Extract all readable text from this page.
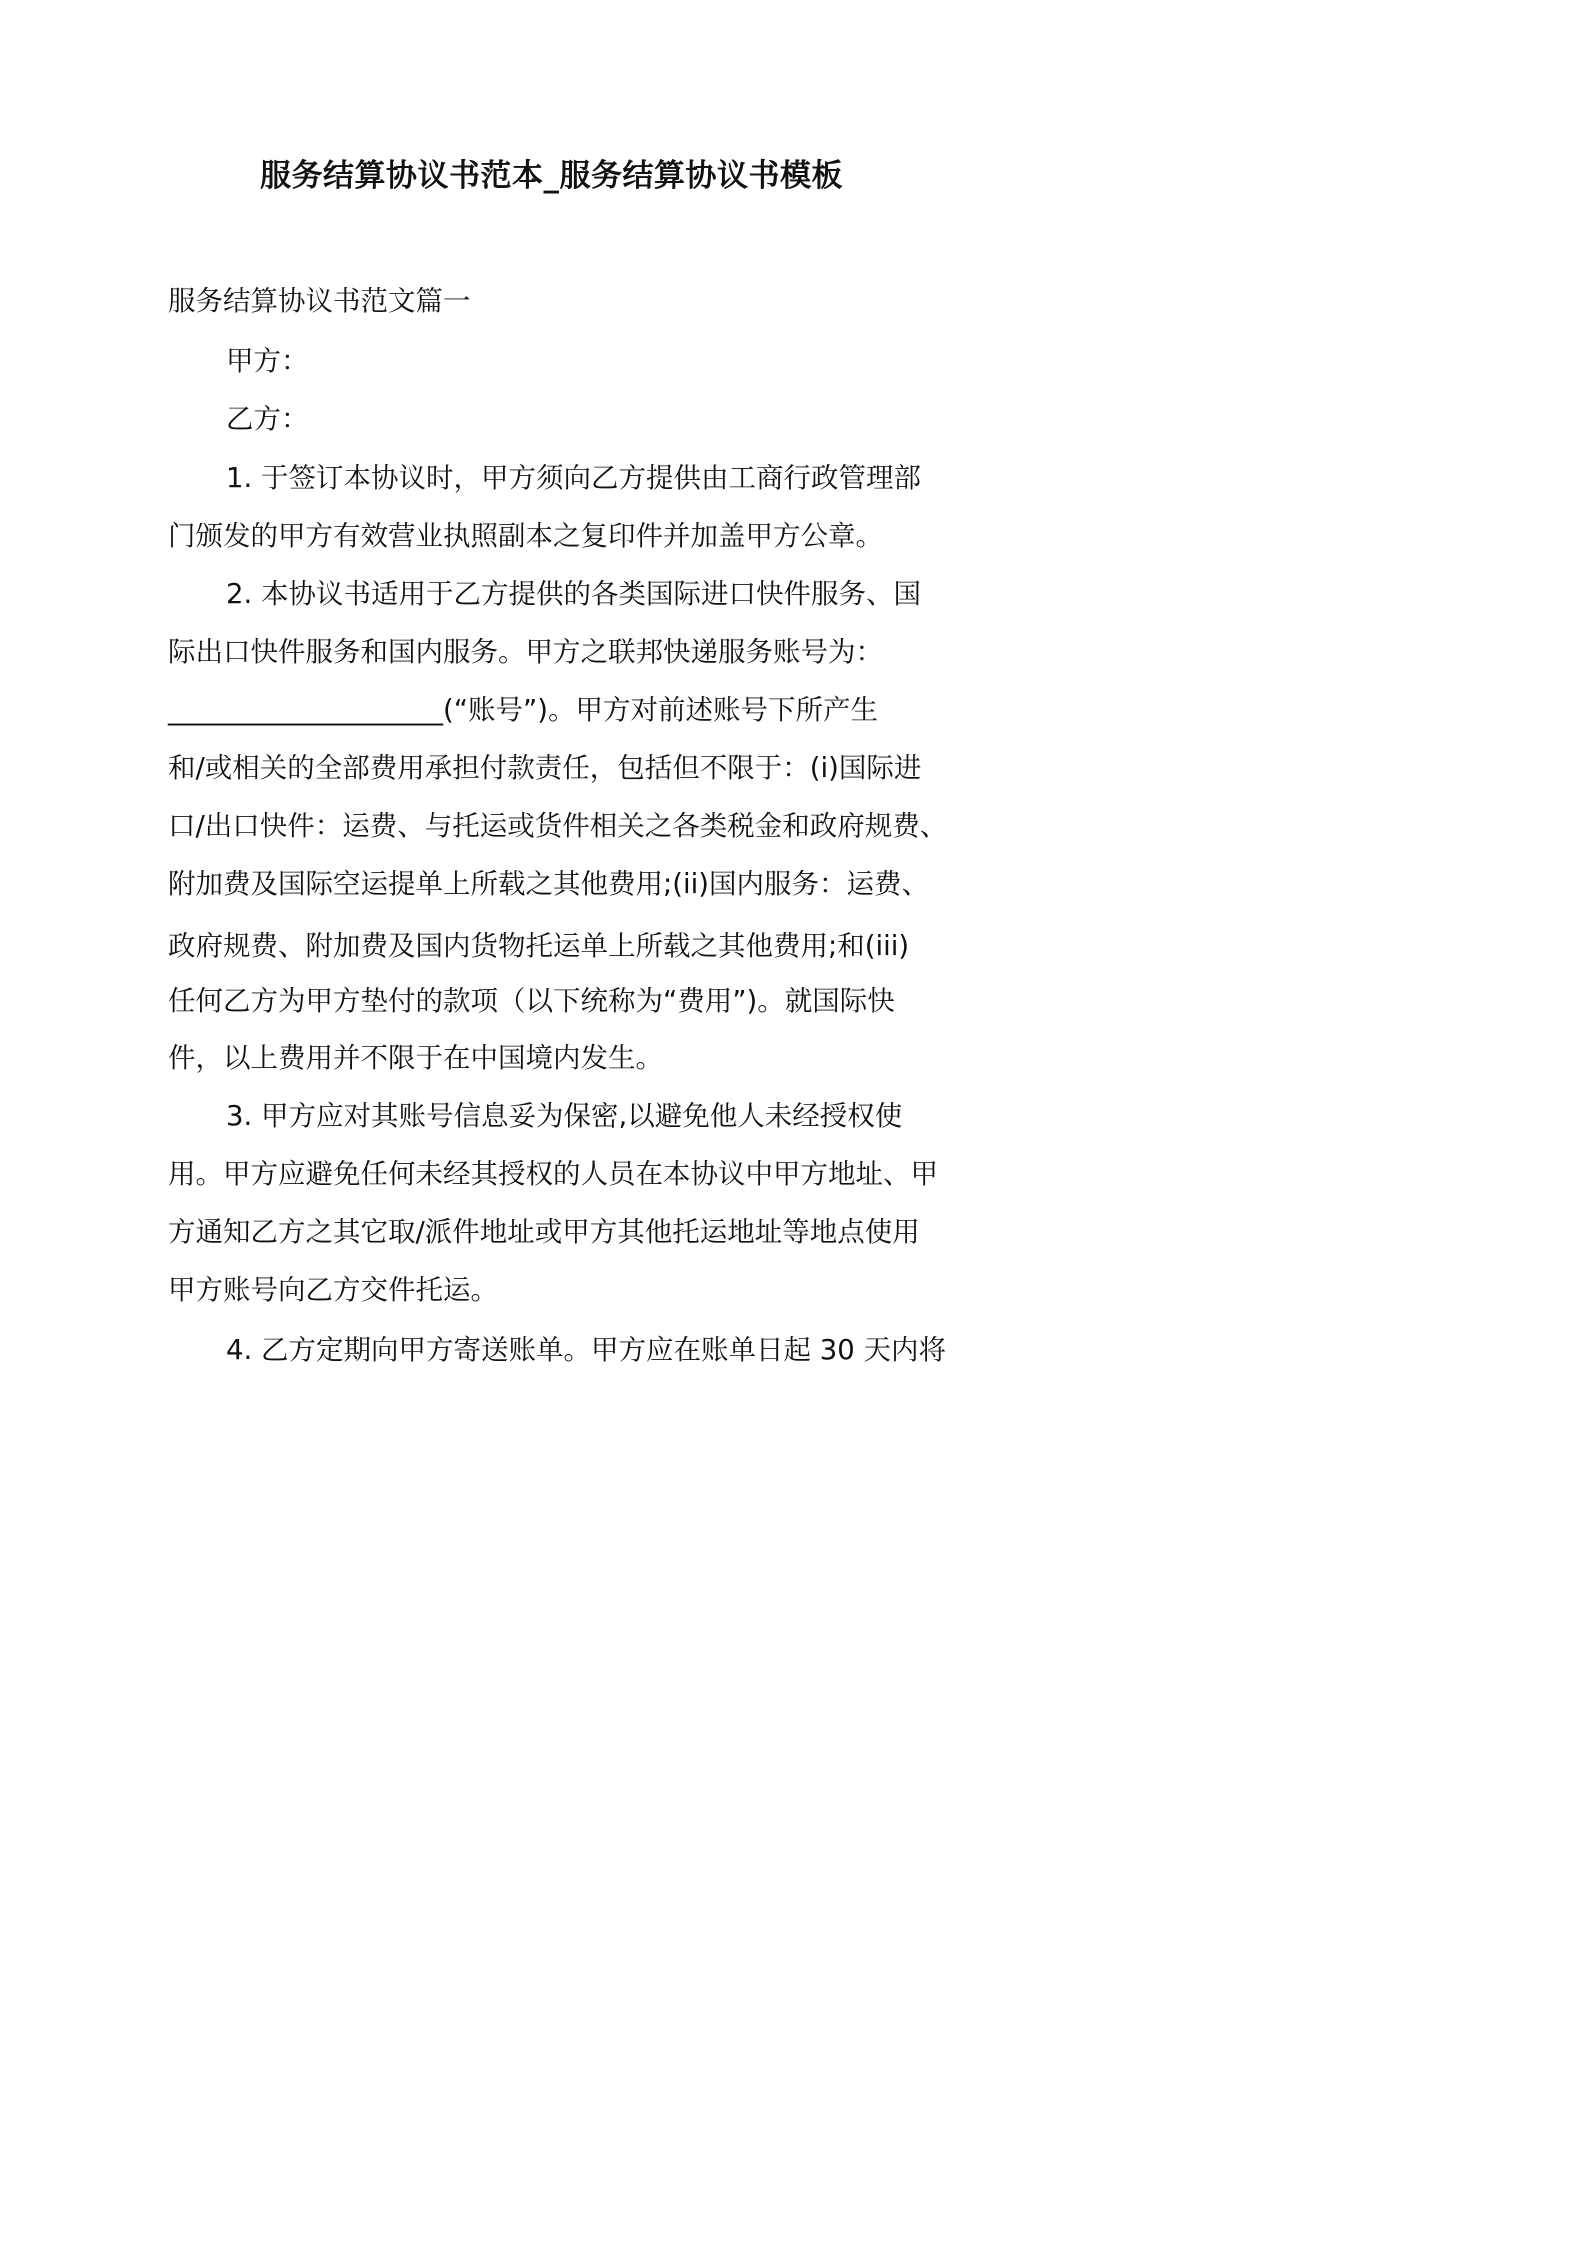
服务结算协议书范本_服务结算协议书模板
服务结算协议书范文篇一
甲方：
乙方：
1. 于签订本协议时，甲方须向乙方提供由工商行政管理部
门颁发的甲方有效营业执照副本之复印件并加盖甲方公章。
2. 本协议书适用于乙方提供的各类国际进口快件服务、国
际出口快件服务和国内服务。甲方之联邦快递服务账号为：
____________________(“账号”)。甲方对前述账号下所产生
和/或相关的全部费用承担付款责任，包括但不限于：(i)国际进
口/出口快件：运费、与托运或货件相关之各类税金和政府规费、
附加费及国际空运提单上所载之其他费用;(ii)国内服务：运费、
政府规费、附加费及国内货物托运单上所载之其他费用;和(iii)
任何乙方为甲方垫付的款项（以下统称为“费用”)。就国际快
件，以上费用并不限于在中国境内发生。
3. 甲方应对其账号信息妥为保密,以避免他人未经授权使
用。甲方应避免任何未经其授权的人员在本协议中甲方地址、甲
方通知乙方之其它取/派件地址或甲方其他托运地址等地点使用
甲方账号向乙方交件托运。
4. 乙方定期向甲方寄送账单。甲方应在账单日起 30 天内将
